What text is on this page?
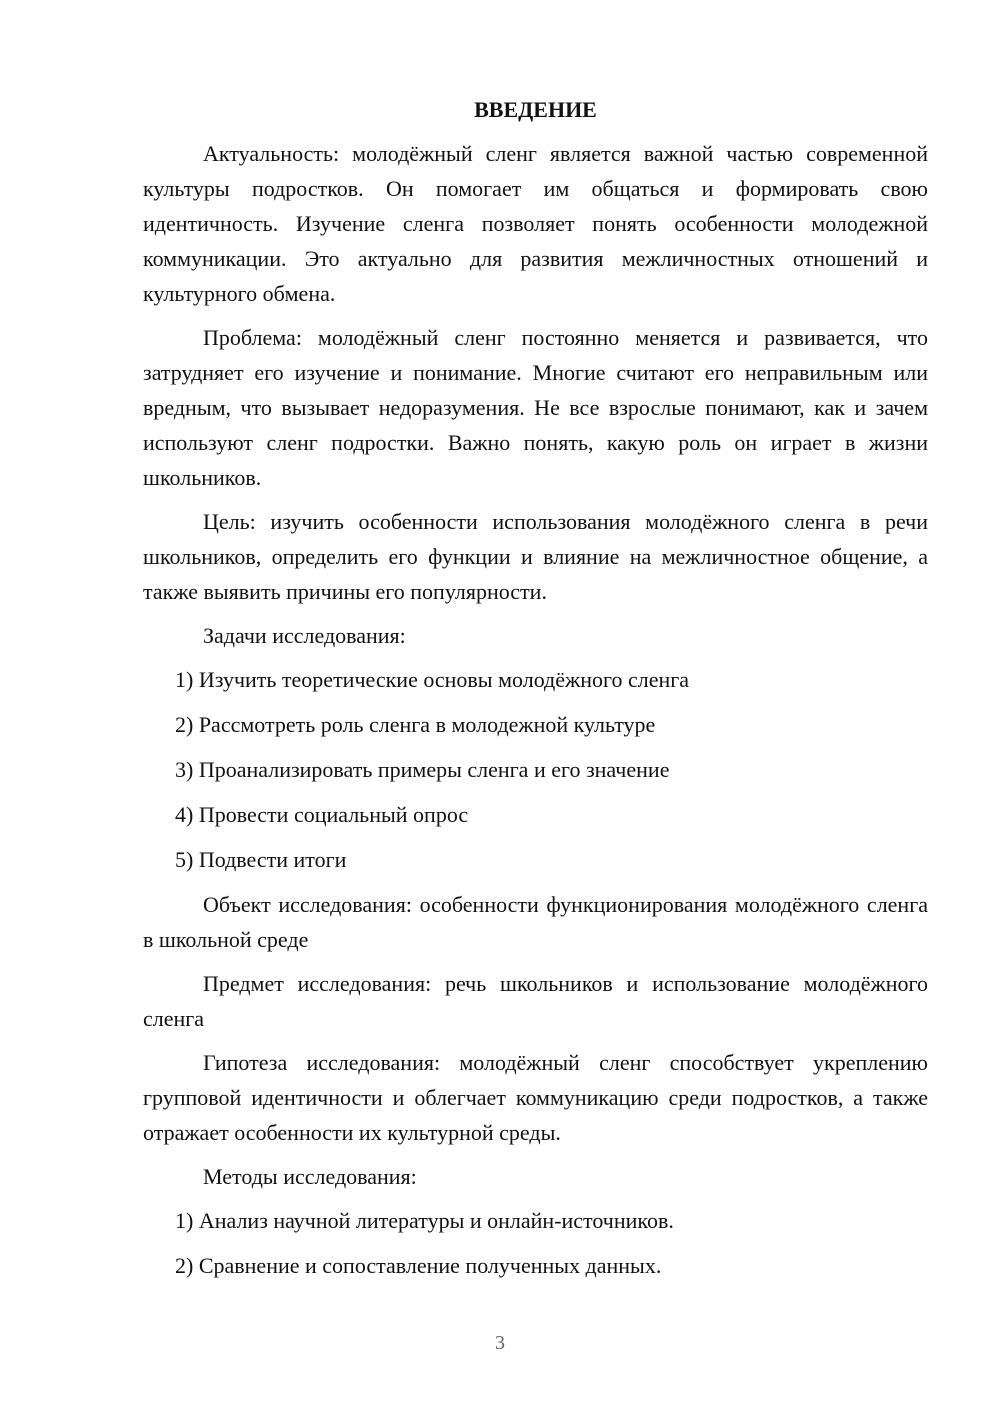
ВВЕДЕНИЕ

Актуальность: молодёжный сленг является важной частью современной культуры подростков. Он помогает им общаться и формировать свою идентичность. Изучение сленга позволяет понять особенности молодежной коммуникации. Это актуально для развития межличностных отношений и культурного обмена.

Проблема: молодёжный сленг постоянно меняется и развивается, что затрудняет его изучение и понимание. Многие считают его неправильным или вредным, что вызывает недоразумения. Не все взрослые понимают, как и зачем используют сленг подростки. Важно понять, какую роль он играет в жизни школьников.

Цель: изучить особенности использования молодёжного сленга в речи школьников, определить его функции и влияние на межличностное общение, а также выявить причины его популярности.

Задачи исследования:

1) Изучить теоретические основы молодёжного сленга
2) Рассмотреть роль сленга в молодежной культуре
3) Проанализировать примеры сленга и его значение
4) Провести социальный опрос
5) Подвести итоги

Объект исследования: особенности функционирования молодёжного сленга в школьной среде

Предмет исследования: речь школьников и использование молодёжного сленга

Гипотеза исследования: молодёжный сленг способствует укреплению групповой идентичности и облегчает коммуникацию среди подростков, а также отражает особенности их культурной среды.

Методы исследования:

1) Анализ научной литературы и онлайн-источников.
2) Сравнение и сопоставление полученных данных.
3
